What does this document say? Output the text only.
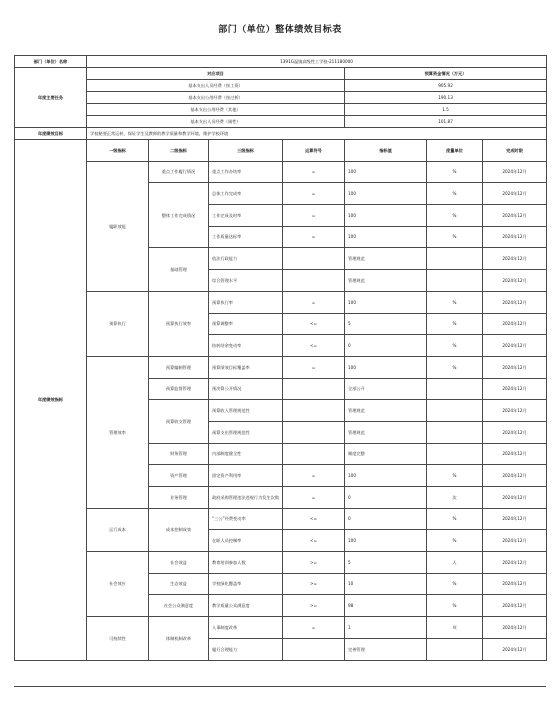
部门（单位）整体绩效目标表
部门（单位）名称	1391G温镇高级性工学校-211180000						
年度主要任务	对应项目				预算资金情况（万元）		
	基本支出人员经费（按工资）				905.92		
	基本支出公用经费（按过桥）				190.13		
	基本支出公用经费（其他）				1.5		
	基本支出人员经费（刚性）				101.87		
年度绩效目标	学校秘要正常运转，保证学生及教师的教学质量和教学环境，维护学校环境						
年度绩效指标	一级指标	二级指标	三级指标	运算符号	指标值	度量单位	完成时限
	履职效能	重点工作履行情况	重点工作办结率	=	100	%	2024年12月
		整体工作完成情况	总体工作完成率	=	100	%	2024年12月
			工作完成及时率	=	100	%	2024年12月
			工作质量达标率	=	100	%	2024年12月
		基础管理	依法行政能力		管理规范		2024年12月
			综合管理水平		管理规范		2024年12月
	预算执行	预算执行效率	预算执行率	=	100	%	2024年12月
			预算调整率	<=	5	%	2024年12月
			结转结余变动率	<=	0	%	2024年12月
	管理效率	预算编制管理	预算绩效目标覆盖率	=	100	%	2024年12月
		预算监督管理	预决算公开情况		全部公开		2024年12月
		预算收支管理	预算收入管理规范性		管理规范		2024年12月
			预算支出管理规范性		管理规范		2024年12月
		财务管理	内部制度健全性		制度完整		2024年12月
		资产管理	固定资产利用率	=	100	%	2024年12月
		业务管理	政府采购管理违法违规行为发生次数	=	0	次	2024年12月
	运行成本	成本控制成效	“三公”经费变动率	<=	0	%	2024年12月
			在职人员控制率	<=	100	%	2024年12月
	社会效应	社会效益	教育培训参加人数	>=	5	人	2024年12月
		生态效益	学校绿化覆盖率	>=	10	%	2024年12月
		社会公众满意度	教学质量公众满意度	>=	98	%	2024年12月
	可持续性	体制机制改革	人事制度改革	=	1	项	2024年12月
			履行合理能力		完善管理		2024年12月
